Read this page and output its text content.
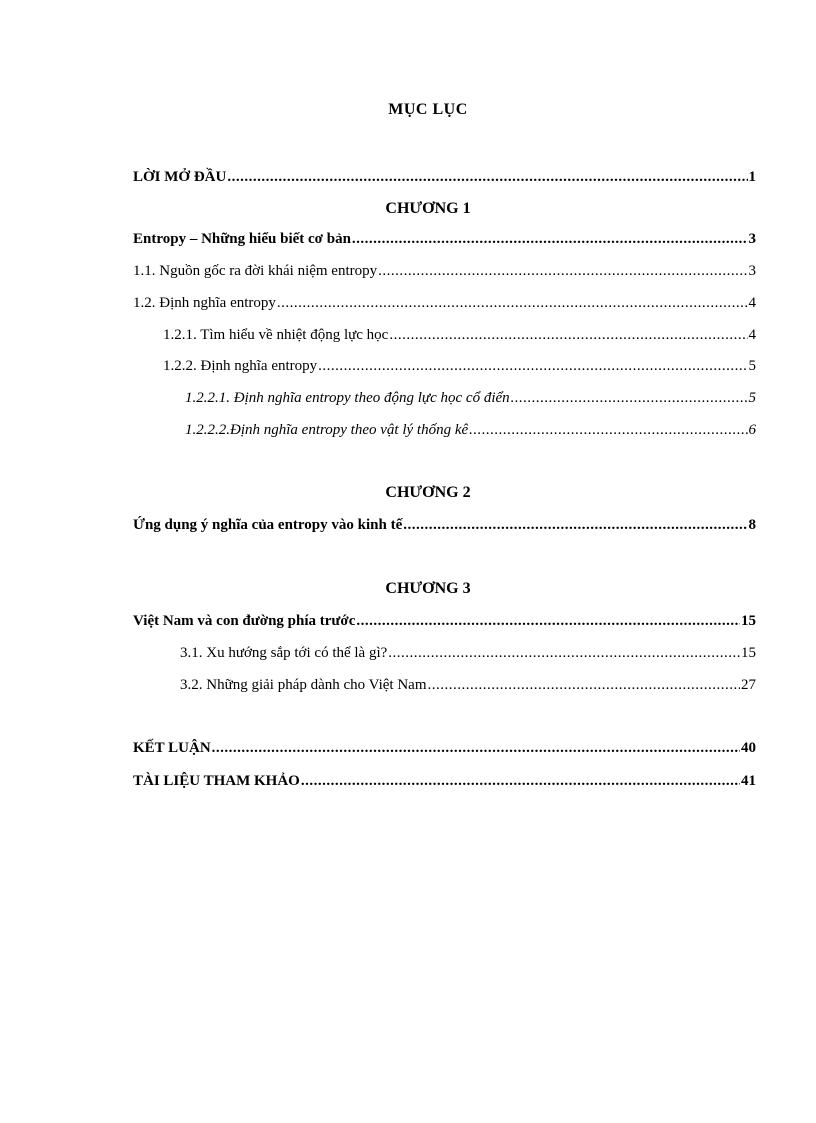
MỤC LỤC
LỜI MỞ ĐẦU .....	1
CHƯƠNG 1
Entropy – Những hiểu biết cơ bản .....	3
1.1. Nguồn gốc ra đời khái niệm entropy .....	3
1.2. Định nghĩa entropy .....	4
1.2.1. Tìm hiểu về nhiệt động lực học .....	4
1.2.2. Định nghĩa entropy .....	5
1.2.2.1. Định nghĩa entropy theo động lực học cổ điển .....	5
1.2.2.2.Định nghĩa entropy theo vật lý thống kê .....	6
CHƯƠNG 2
Ứng dụng ý nghĩa của entropy vào kinh tế .....	8
CHƯƠNG 3
Việt Nam và con đường phía trước .....	15
3.1. Xu hướng sắp tới có thể là gì? .....	15
3.2. Những giải pháp dành cho Việt Nam .....	27
KẾT LUẬN .....	40
TÀI LIỆU THAM KHẢO .....	41
